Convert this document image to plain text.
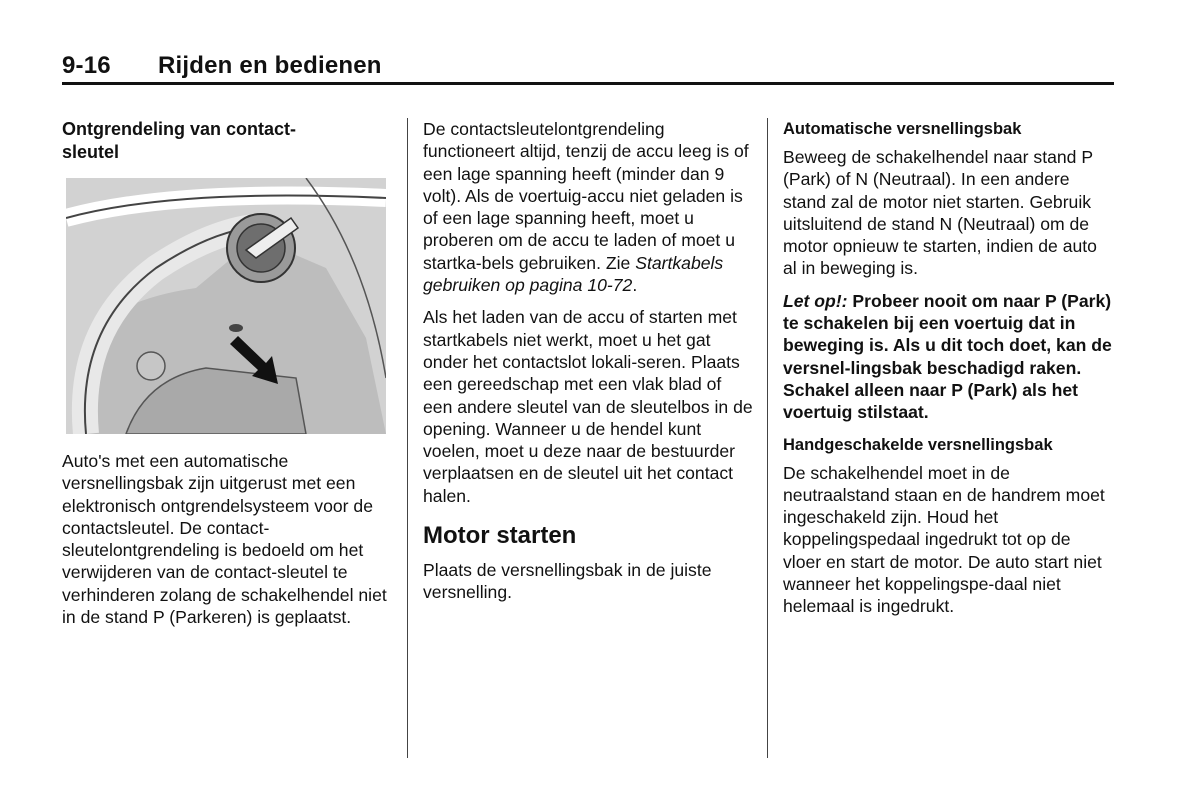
9-16 Rijden en bedienen
Ontgrendeling van contact-
sleutel

Auto's met een automatische versnellingsbak zijn uitgerust met een elektronisch ontgrendelsysteem voor de contactsleutel. De contact-sleutelontgrendeling is bedoeld om het verwijderen van de contact-sleutel te verhinderen zolang de schakelhendel niet in de stand P (Parkeren) is geplaatst.

De contactsleutelontgrendeling functioneert altijd, tenzij de accu leeg is of een lage spanning heeft (minder dan 9 volt). Als de voertuig-accu niet geladen is of een lage spanning heeft, moet u proberen om de accu te laden of moet u startka-bels gebruiken. Zie Startkabels gebruiken op pagina 10-72.

Als het laden van de accu of starten met startkabels niet werkt, moet u het gat onder het contactslot lokali-seren. Plaats een gereedschap met een vlak blad of een andere sleutel van de sleutelbos in de opening. Wanneer u de hendel kunt voelen, moet u deze naar de bestuurder verplaatsen en de sleutel uit het contact halen.

Motor starten

Plaats de versnellingsbak in de juiste versnelling.

Automatische versnellingsbak

Beweeg de schakelhendel naar stand P (Park) of N (Neutraal). In een andere stand zal de motor niet starten. Gebruik uitsluitend de stand N (Neutraal) om de motor opnieuw te starten, indien de auto al in beweging is.

Let op!: Probeer nooit om naar P (Park) te schakelen bij een voertuig dat in beweging is. Als u dit toch doet, kan de versnel-lingsbak beschadigd raken. Schakel alleen naar P (Park) als het voertuig stilstaat.

Handgeschakelde versnellingsbak

De schakelhendel moet in de neutraalstand staan en de handrem moet ingeschakeld zijn. Houd het koppelingspedaal ingedrukt tot op de vloer en start de motor. De auto start niet wanneer het koppelingspe-daal niet helemaal is ingedrukt.
